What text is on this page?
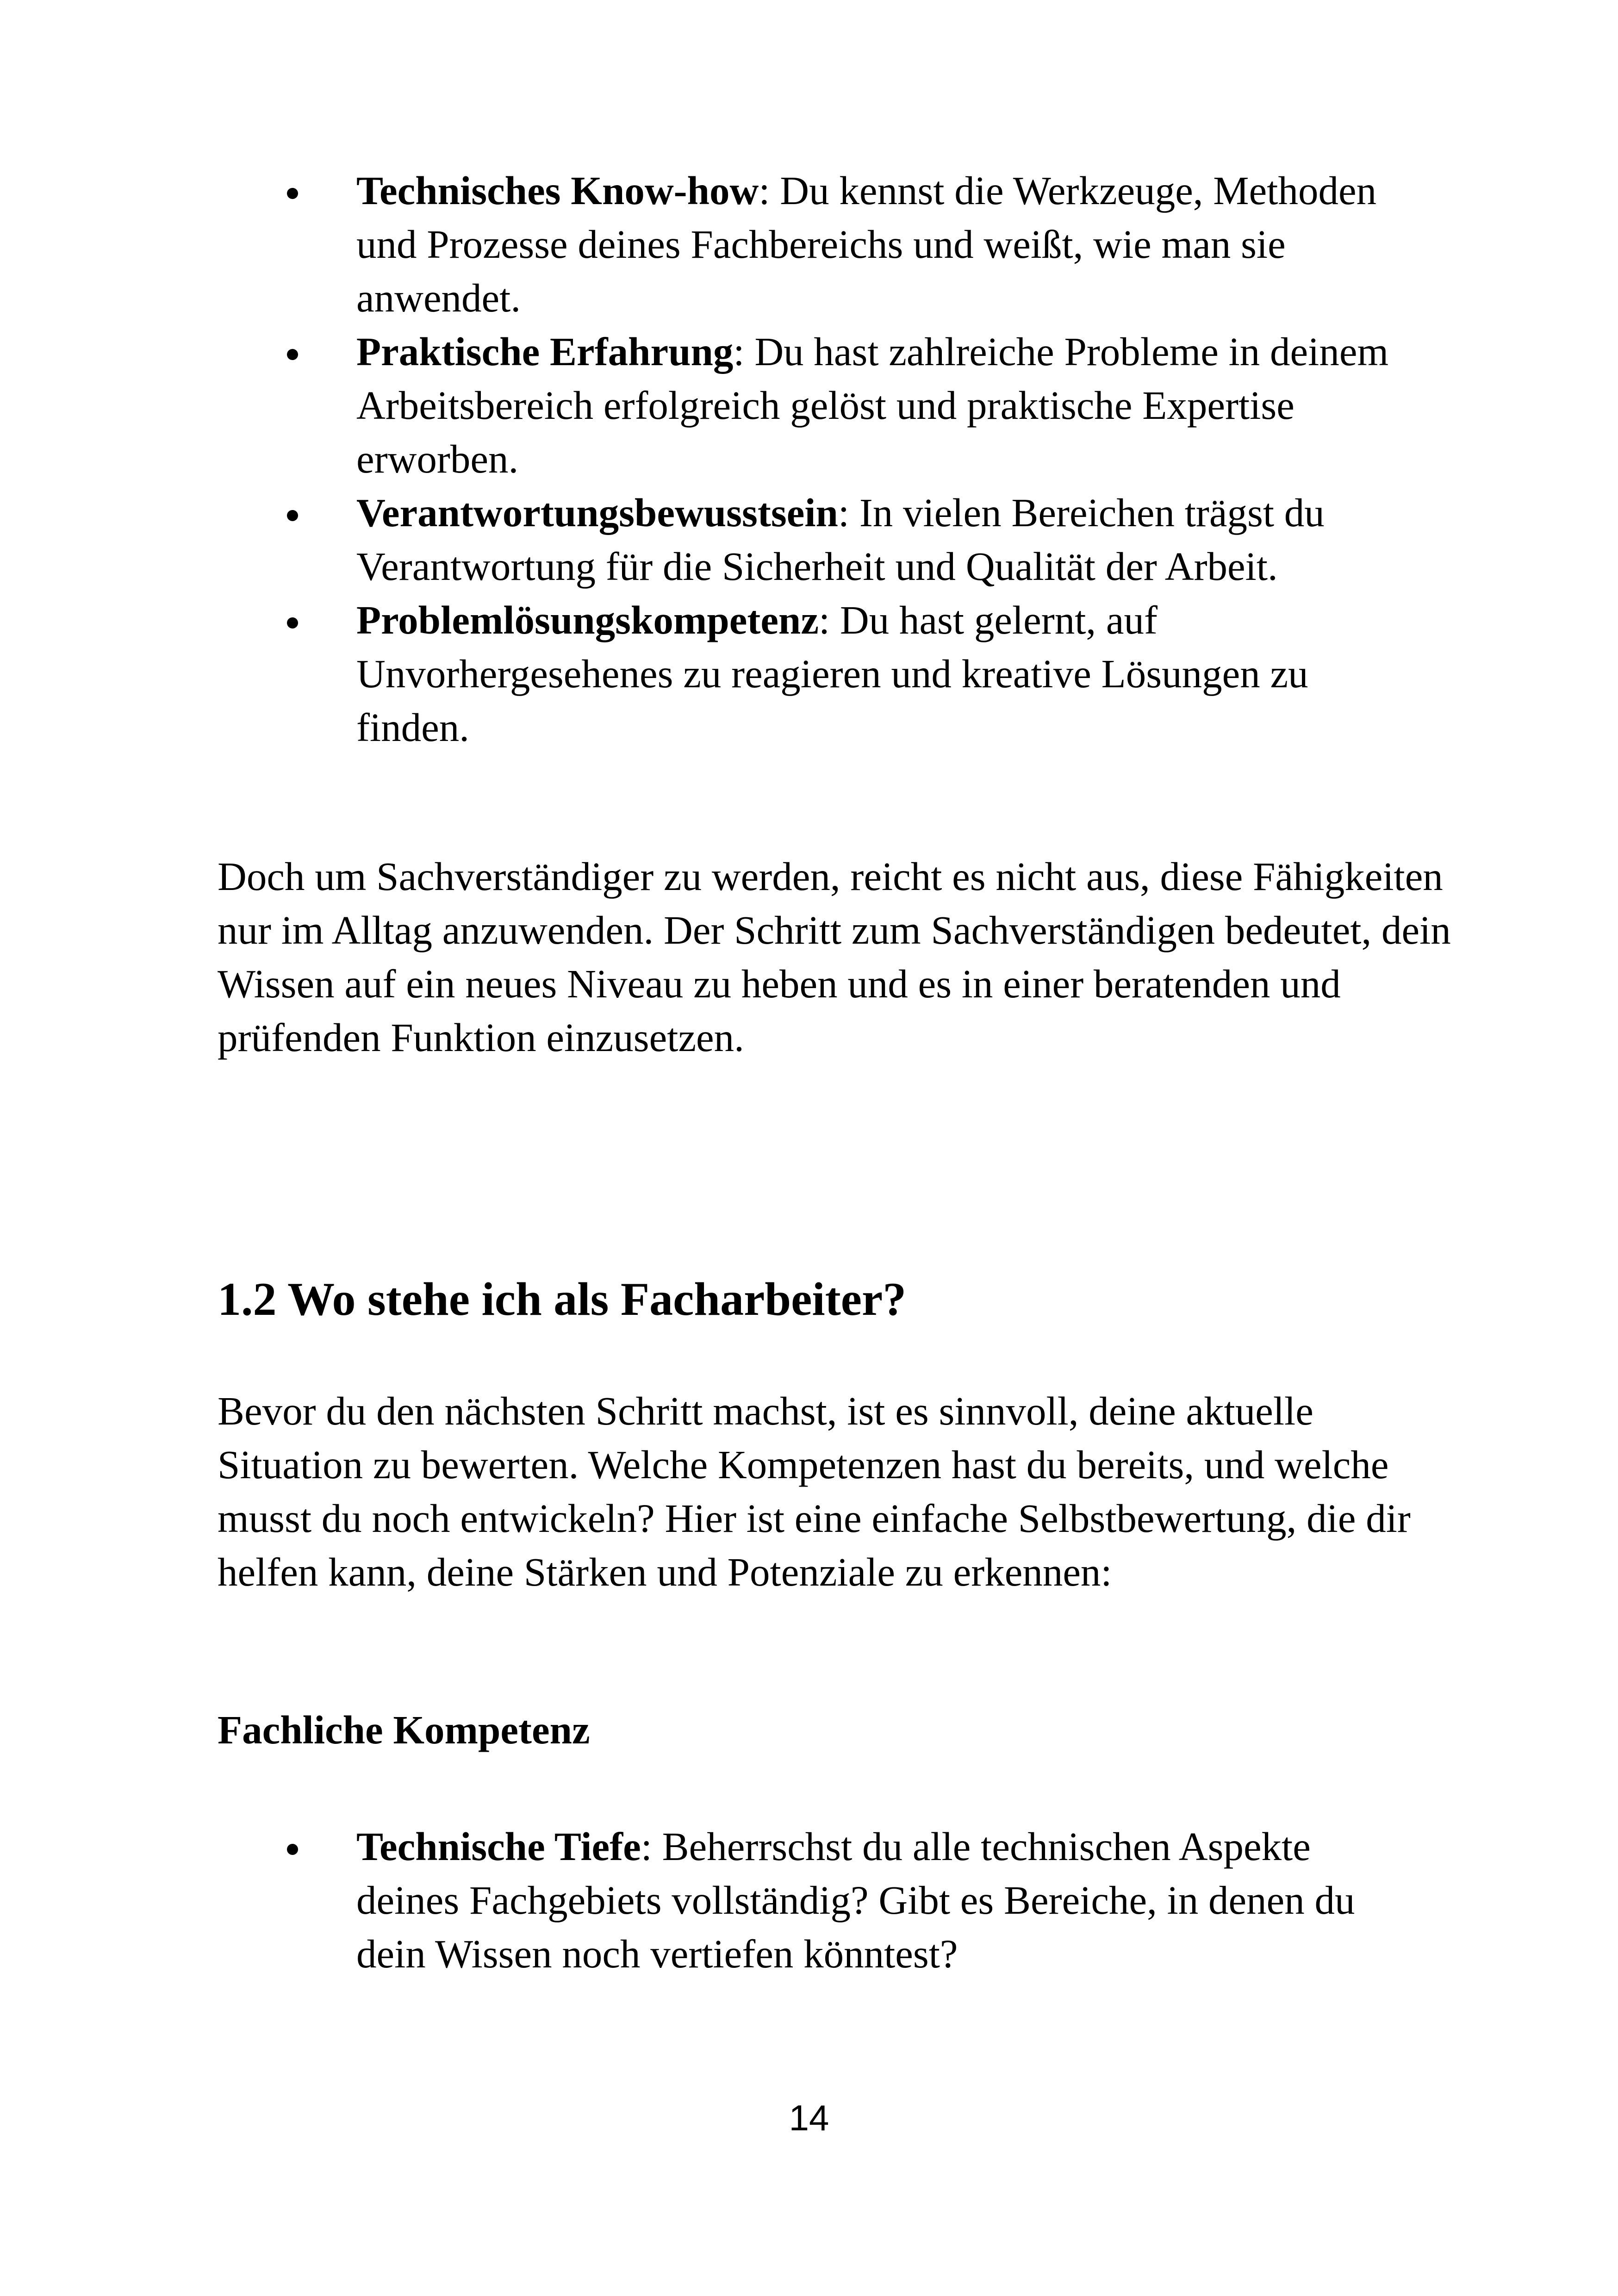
Technisches Know-how: Du kennst die Werkzeuge, Methoden und Prozesse deines Fachbereichs und weißt, wie man sie anwendet.
Praktische Erfahrung: Du hast zahlreiche Probleme in deinem Arbeitsbereich erfolgreich gelöst und praktische Expertise erworben.
Verantwortungsbewusstsein: In vielen Bereichen trägst du Verantwortung für die Sicherheit und Qualität der Arbeit.
Problemlösungskompetenz: Du hast gelernt, auf Unvorhergesehenes zu reagieren und kreative Lösungen zu finden.

Doch um Sachverständiger zu werden, reicht es nicht aus, diese Fähigkeiten nur im Alltag anzuwenden. Der Schritt zum Sachverständigen bedeutet, dein Wissen auf ein neues Niveau zu heben und es in einer beratenden und prüfenden Funktion einzusetzen.

1.2 Wo stehe ich als Facharbeiter?

Bevor du den nächsten Schritt machst, ist es sinnvoll, deine aktuelle Situation zu bewerten. Welche Kompetenzen hast du bereits, und welche musst du noch entwickeln? Hier ist eine einfache Selbstbewertung, die dir helfen kann, deine Stärken und Potenziale zu erkennen:

Fachliche Kompetenz
Technische Tiefe: Beherrschst du alle technischen Aspekte deines Fachgebiets vollständig? Gibt es Bereiche, in denen du dein Wissen noch vertiefen könntest?
14
